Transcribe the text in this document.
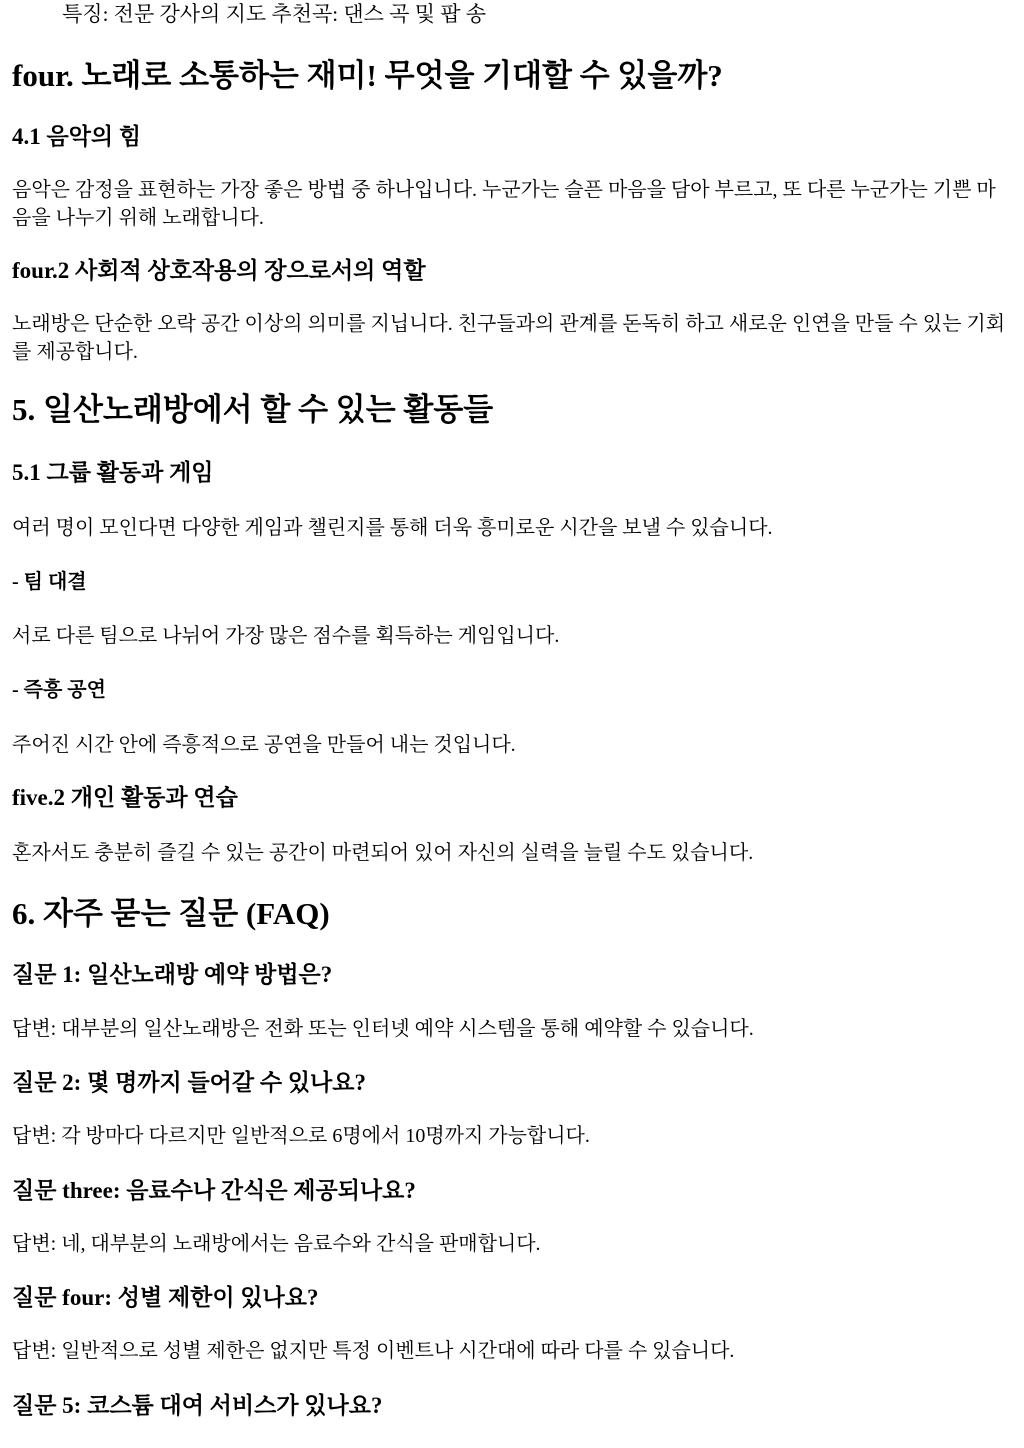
특징: 전문 강사의 지도 추천곡: 댄스 곡 및 팝 송

four. 노래로 소통하는 재미! 무엇을 기대할 수 있을까?
4.1 음악의 힘

음악은 감정을 표현하는 가장 좋은 방법 중 하나입니다. 누군가는 슬픈 마음을 담아 부르고, 또 다른 누군가는 기쁜 마음을 나누기 위해 노래합니다.

four.2 사회적 상호작용의 장으로서의 역할

노래방은 단순한 오락 공간 이상의 의미를 지닙니다. 친구들과의 관계를 돈독히 하고 새로운 인연을 만들 수 있는 기회를 제공합니다.

5. 일산노래방에서 할 수 있는 활동들
5.1 그룹 활동과 게임

여러 명이 모인다면 다양한 게임과 챌린지를 통해 더욱 흥미로운 시간을 보낼 수 있습니다.

- 팀 대결

서로 다른 팀으로 나뉘어 가장 많은 점수를 획득하는 게임입니다.

- 즉흥 공연

주어진 시간 안에 즉흥적으로 공연을 만들어 내는 것입니다.

five.2 개인 활동과 연습

혼자서도 충분히 즐길 수 있는 공간이 마련되어 있어 자신의 실력을 늘릴 수도 있습니다.

6. 자주 묻는 질문 (FAQ)
질문 1: 일산노래방 예약 방법은?

답변: 대부분의 일산노래방은 전화 또는 인터넷 예약 시스템을 통해 예약할 수 있습니다.

질문 2: 몇 명까지 들어갈 수 있나요?

답변: 각 방마다 다르지만 일반적으로 6명에서 10명까지 가능합니다.

질문 three: 음료수나 간식은 제공되나요?

답변: 네, 대부분의 노래방에서는 음료수와 간식을 판매합니다.

질문 four: 성별 제한이 있나요?

답변: 일반적으로 성별 제한은 없지만 특정 이벤트나 시간대에 따라 다를 수 있습니다.

질문 5: 코스튬 대여 서비스가 있나요?
